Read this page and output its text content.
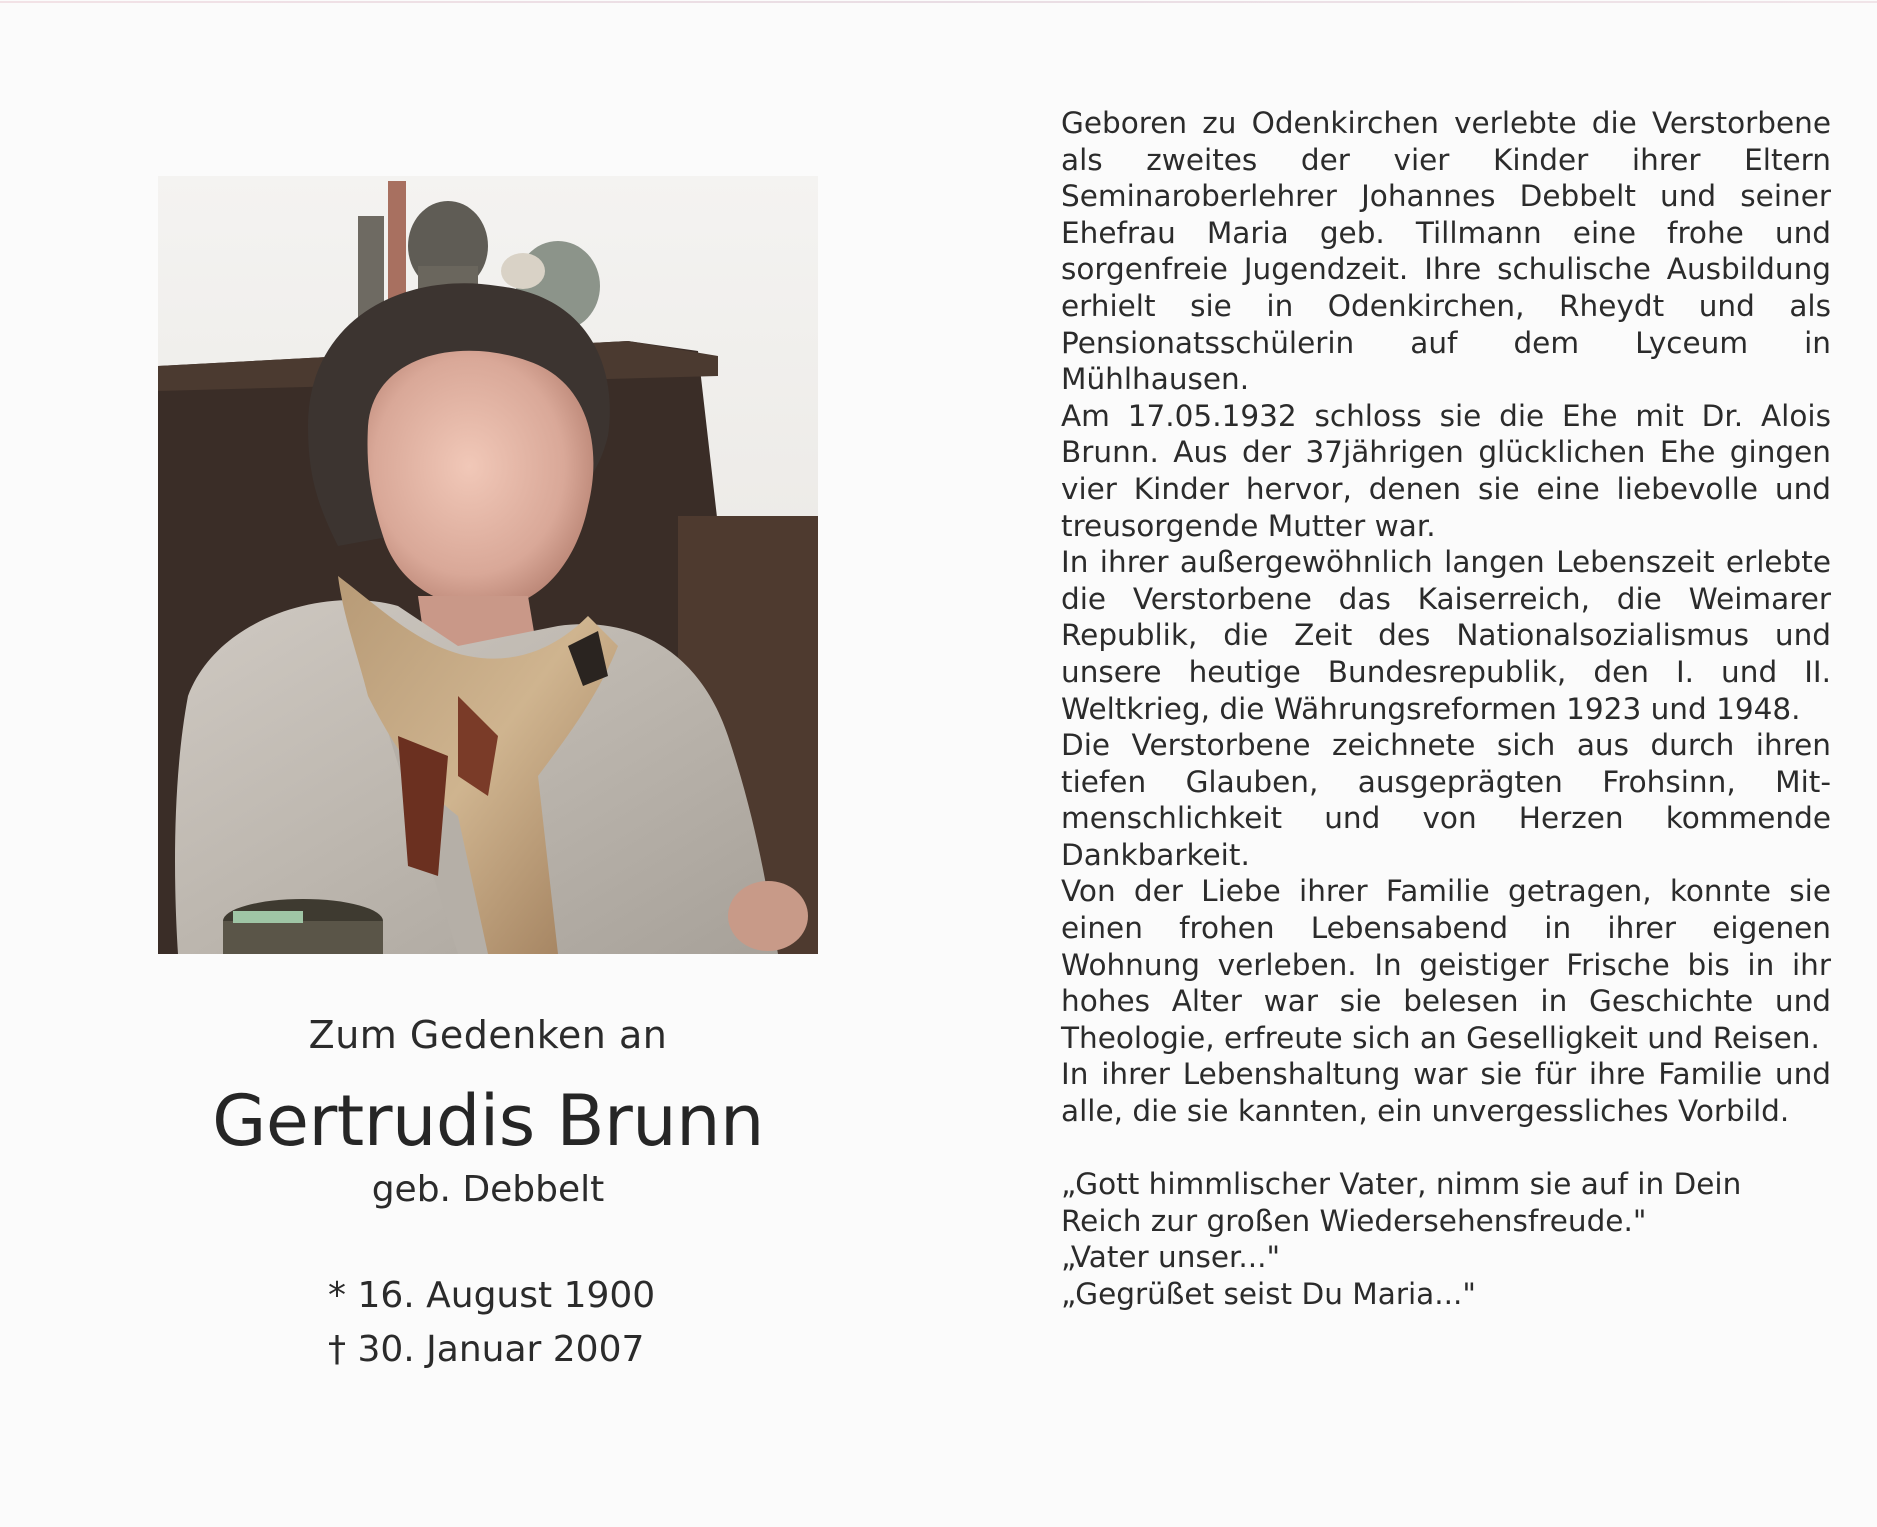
Zum Gedenken an
Gertrudis Brunn
geb. Debbelt
* 16. August 1900
† 30. Januar 2007

Geboren zu Odenkirchen verlebte die Verstorbene als zweites der vier Kinder ihrer Eltern Seminaroberlehrer Johannes Debbelt und seiner Ehefrau Maria geb. Tillmann eine frohe und sorgenfreie Jugendzeit. Ihre schulische Ausbildung erhielt sie in Odenkirchen, Rheydt und als Pensionatsschülerin auf dem Lyceum in Mühlhausen.

Am 17.05.1932 schloss sie die Ehe mit Dr. Alois Brunn. Aus der 37jährigen glücklichen Ehe gingen vier Kinder hervor, denen sie eine liebevolle und treusorgende Mutter war.

In ihrer außergewöhnlich langen Lebenszeit erlebte die Verstorbene das Kaiserreich, die Weimarer Republik, die Zeit des Nationalsozialismus und unsere heutige Bundesrepublik, den I. und II. Weltkrieg, die Währungsreformen 1923 und 1948.

Die Verstorbene zeichnete sich aus durch ihren tiefen Glauben, ausgeprägten Frohsinn, Mitmenschlichkeit und von Herzen kommende Dankbarkeit.

Von der Liebe ihrer Familie getragen, konnte sie einen frohen Lebensabend in ihrer eigenen Wohnung verleben. In geistiger Frische bis in ihr hohes Alter war sie belesen in Geschichte und Theologie, erfreute sich an Geselligkeit und Reisen.

In ihrer Lebenshaltung war sie für ihre Familie und alle, die sie kannten, ein unvergessliches Vorbild.

„Gott himmlischer Vater, nimm sie auf in Dein Reich zur großen Wiedersehensfreude."

„Vater unser..."

„Gegrüßet seist Du Maria..."
